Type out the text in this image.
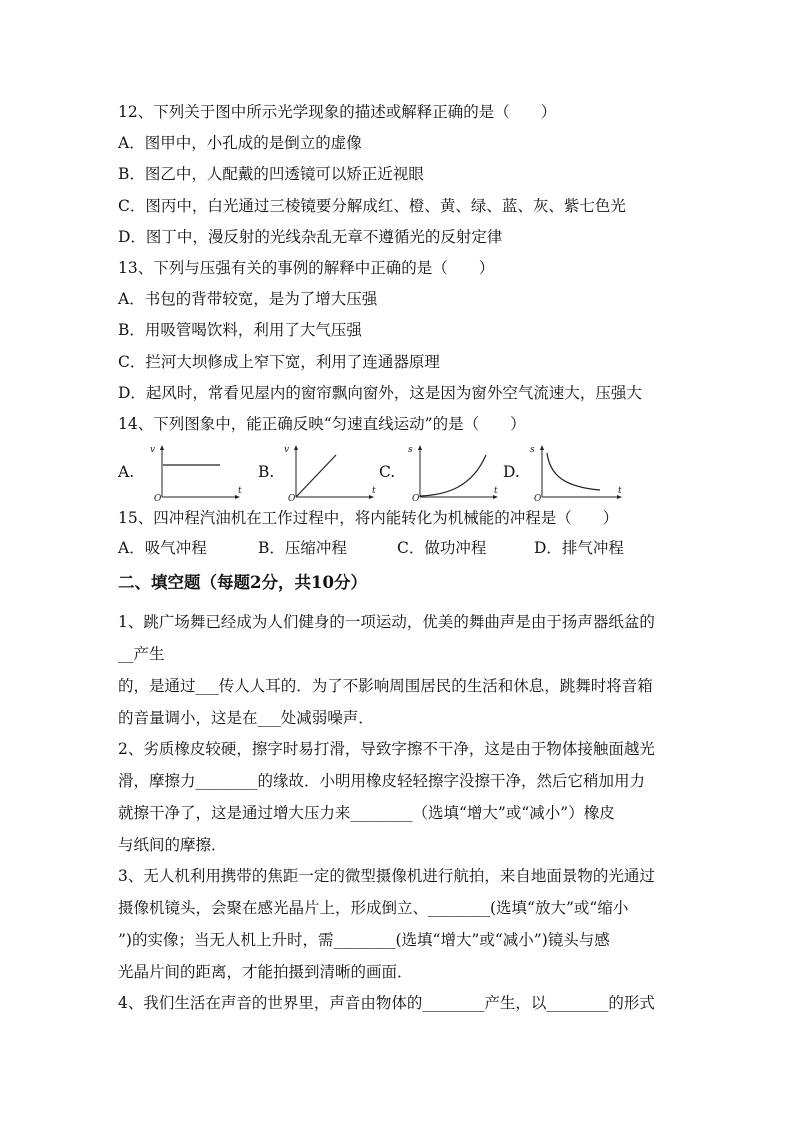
12、下列关于图中所示光学现象的描述或解释正确的是（　　）
A．图甲中，小孔成的是倒立的虚像
B．图乙中，人配戴的凹透镜可以矫正近视眼
C．图丙中，白光通过三棱镜要分解成红、橙、黄、绿、蓝、灰、紫七色光
D．图丁中，漫反射的光线杂乱无章不遵循光的反射定律
13、下列与压强有关的事例的解释中正确的是（　　）
A．书包的背带较宽，是为了增大压强
B．用吸管喝饮料，利用了大气压强
C．拦河大坝修成上窄下宽，利用了连通器原理
D．起风时，常看见屋内的窗帘飘向窗外，这是因为窗外空气流速大，压强大
14、下列图象中，能正确反映“匀速直线运动”的是（　　）
A.
v
O
t
B.
v
O
t
C.
s
O
t
D.
s
O
t
15、四冲程汽油机在工作过程中，将内能转化为机械能的冲程是（　　）
A．吸气冲程	B．压缩冲程	C．做功冲程	D．排气冲程
二、填空题（每题2分，共10分）
1、跳广场舞已经成为人们健身的一项运动，优美的舞曲声是由于扬声器纸盆的
__产生
的，是通过___传人人耳的．为了不影响周围居民的生活和休息，跳舞时将音箱
的音量调小，这是在___处减弱噪声．
2、劣质橡皮较硬，擦字时易打滑，导致字擦不干净，这是由于物体接触面越光
滑，摩擦力________的缘故．小明用橡皮轻轻擦字没擦干净，然后它稍加用力
就擦干净了，这是通过增大压力来________（选填“增大”或“减小”）橡皮
与纸间的摩擦．
3、无人机利用携带的焦距一定的微型摄像机进行航拍，来自地面景物的光通过
摄像机镜头，会聚在感光晶片上，形成倒立、________(选填“放大”或“缩小
”)的实像；当无人机上升时，需________(选填“增大”或“减小”)镜头与感
光晶片间的距离，才能拍摄到清晰的画面．
4、我们生活在声音的世界里，声音由物体的________产生，以________的形式
